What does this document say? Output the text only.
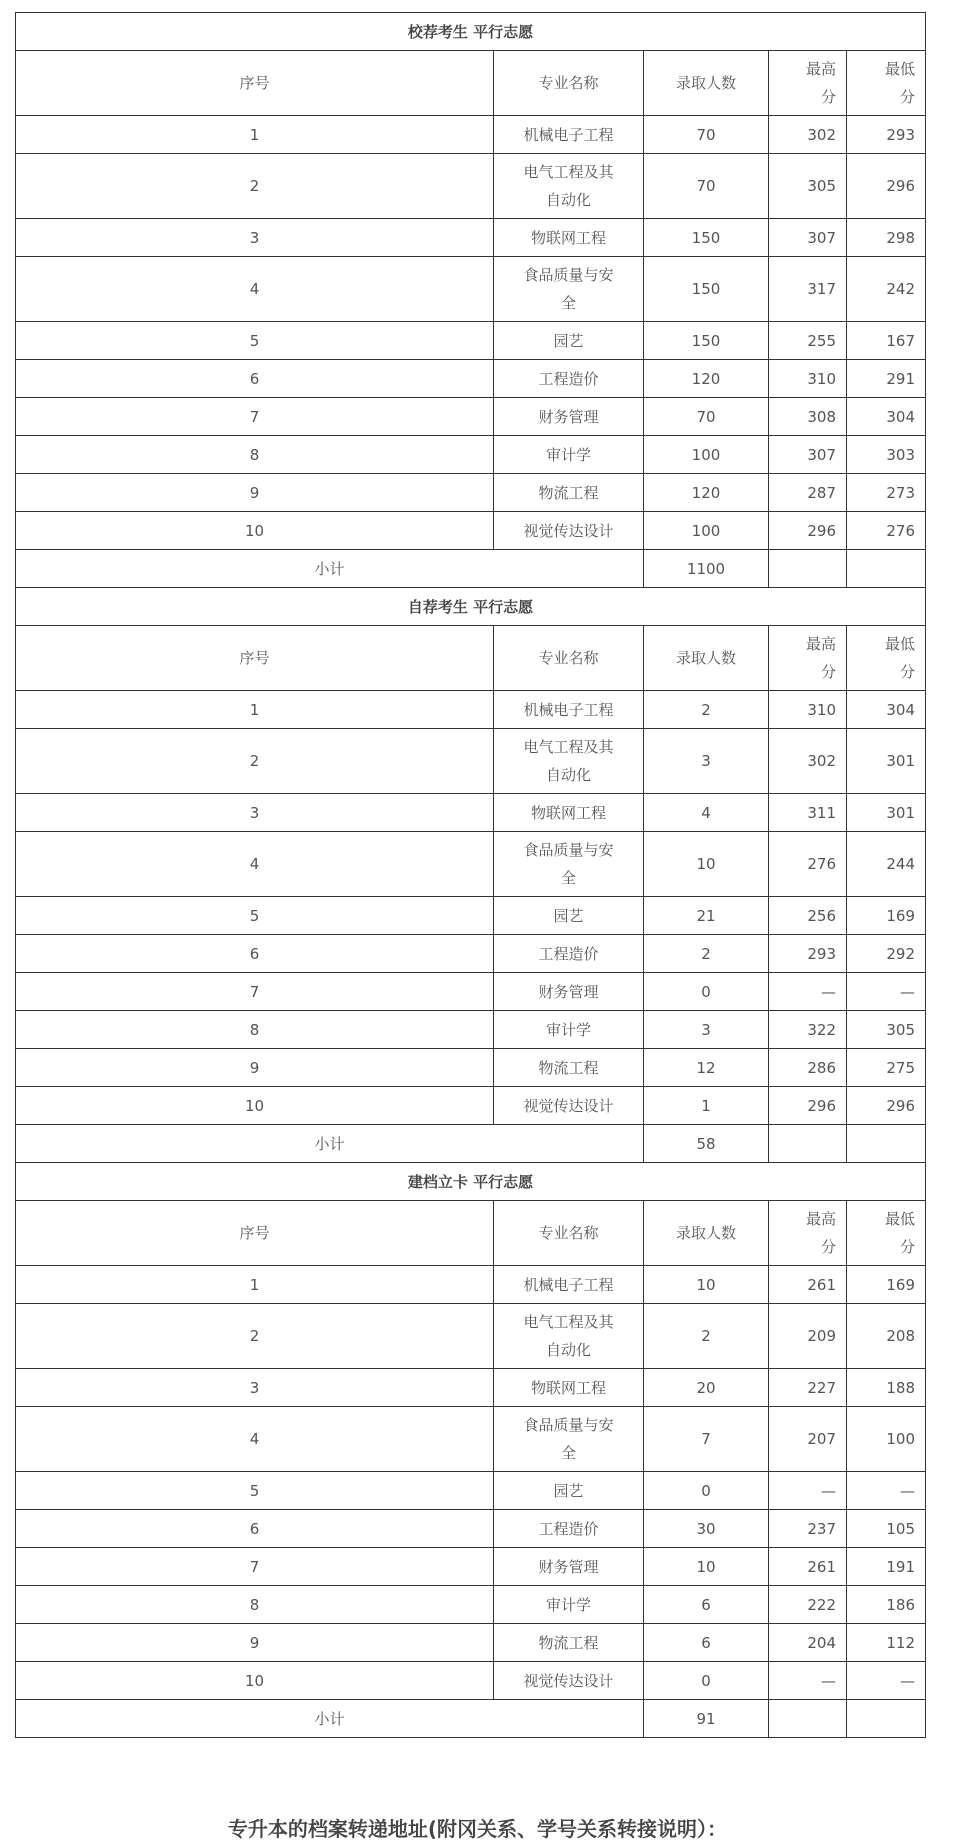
校荐考生 平行志愿				
序号	专业名称	录取人数	最高分	最低分
1	机械电子工程	70	302	293
2	电气工程及其自动化	70	305	296
3	物联网工程	150	307	298
4	食品质量与安全	150	317	242
5	园艺	150	255	167
6	工程造价	120	310	291
7	财务管理	70	308	304
8	审计学	100	307	303
9	物流工程	120	287	273
10	视觉传达设计	100	296	276
小计		1100		
自荐考生 平行志愿				
序号	专业名称	录取人数	最高分	最低分
1	机械电子工程	2	310	304
2	电气工程及其自动化	3	302	301
3	物联网工程	4	311	301
4	食品质量与安全	10	276	244
5	园艺	21	256	169
6	工程造价	2	293	292
7	财务管理	0	—	—
8	审计学	3	322	305
9	物流工程	12	286	275
10	视觉传达设计	1	296	296
小计		58		
建档立卡 平行志愿				
序号	专业名称	录取人数	最高分	最低分
1	机械电子工程	10	261	169
2	电气工程及其自动化	2	209	208
3	物联网工程	20	227	188
4	食品质量与安全	7	207	100
5	园艺	0	—	—
6	工程造价	30	237	105
7	财务管理	10	261	191
8	审计学	6	222	186
9	物流工程	6	204	112
10	视觉传达设计	0	—	—
小计		91		
专升本的档案转递地址(附冈关系、学号关系转接说明）：
